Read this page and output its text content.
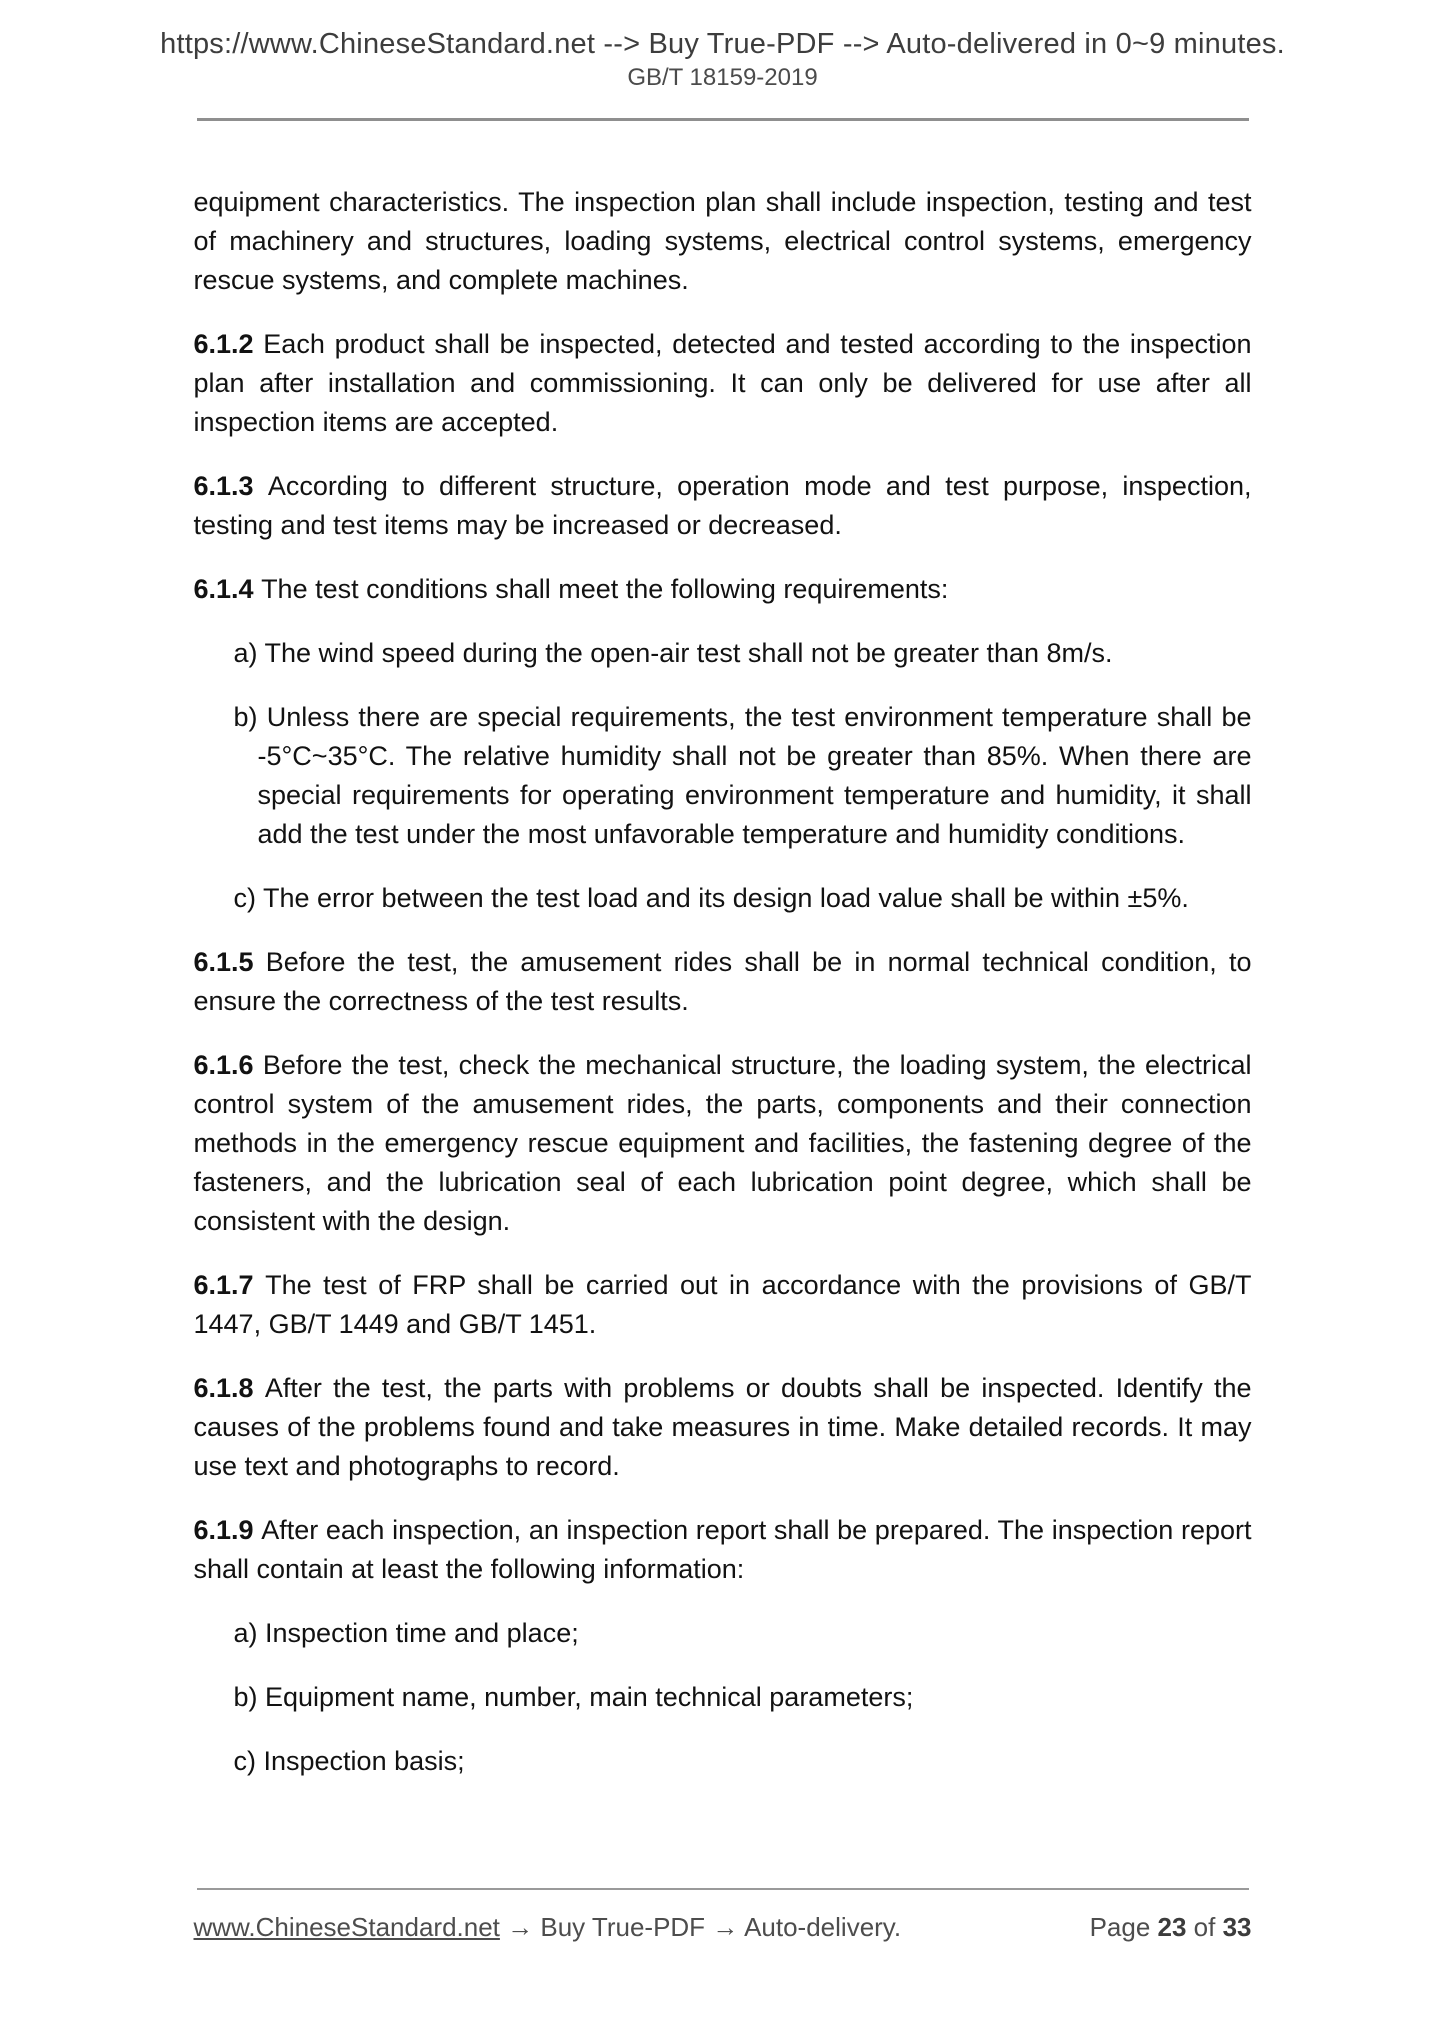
https://www.ChineseStandard.net --> Buy True-PDF --> Auto-delivered in 0~9 minutes.
GB/T 18159-2019
equipment characteristics. The inspection plan shall include inspection, testing and test of machinery and structures, loading systems, electrical control systems, emergency rescue systems, and complete machines.
6.1.2 Each product shall be inspected, detected and tested according to the inspection plan after installation and commissioning. It can only be delivered for use after all inspection items are accepted.
6.1.3 According to different structure, operation mode and test purpose, inspection, testing and test items may be increased or decreased.
6.1.4 The test conditions shall meet the following requirements:
a) The wind speed during the open-air test shall not be greater than 8m/s.
b) Unless there are special requirements, the test environment temperature shall be -5°C~35°C. The relative humidity shall not be greater than 85%. When there are special requirements for operating environment temperature and humidity, it shall add the test under the most unfavorable temperature and humidity conditions.
c) The error between the test load and its design load value shall be within ±5%.
6.1.5 Before the test, the amusement rides shall be in normal technical condition, to ensure the correctness of the test results.
6.1.6 Before the test, check the mechanical structure, the loading system, the electrical control system of the amusement rides, the parts, components and their connection methods in the emergency rescue equipment and facilities, the fastening degree of the fasteners, and the lubrication seal of each lubrication point degree, which shall be consistent with the design.
6.1.7 The test of FRP shall be carried out in accordance with the provisions of GB/T 1447, GB/T 1449 and GB/T 1451.
6.1.8 After the test, the parts with problems or doubts shall be inspected. Identify the causes of the problems found and take measures in time. Make detailed records. It may use text and photographs to record.
6.1.9 After each inspection, an inspection report shall be prepared. The inspection report shall contain at least the following information:
a) Inspection time and place;
b) Equipment name, number, main technical parameters;
c) Inspection basis;
www.ChineseStandard.net → Buy True-PDF → Auto-delivery.	Page 23 of 33
